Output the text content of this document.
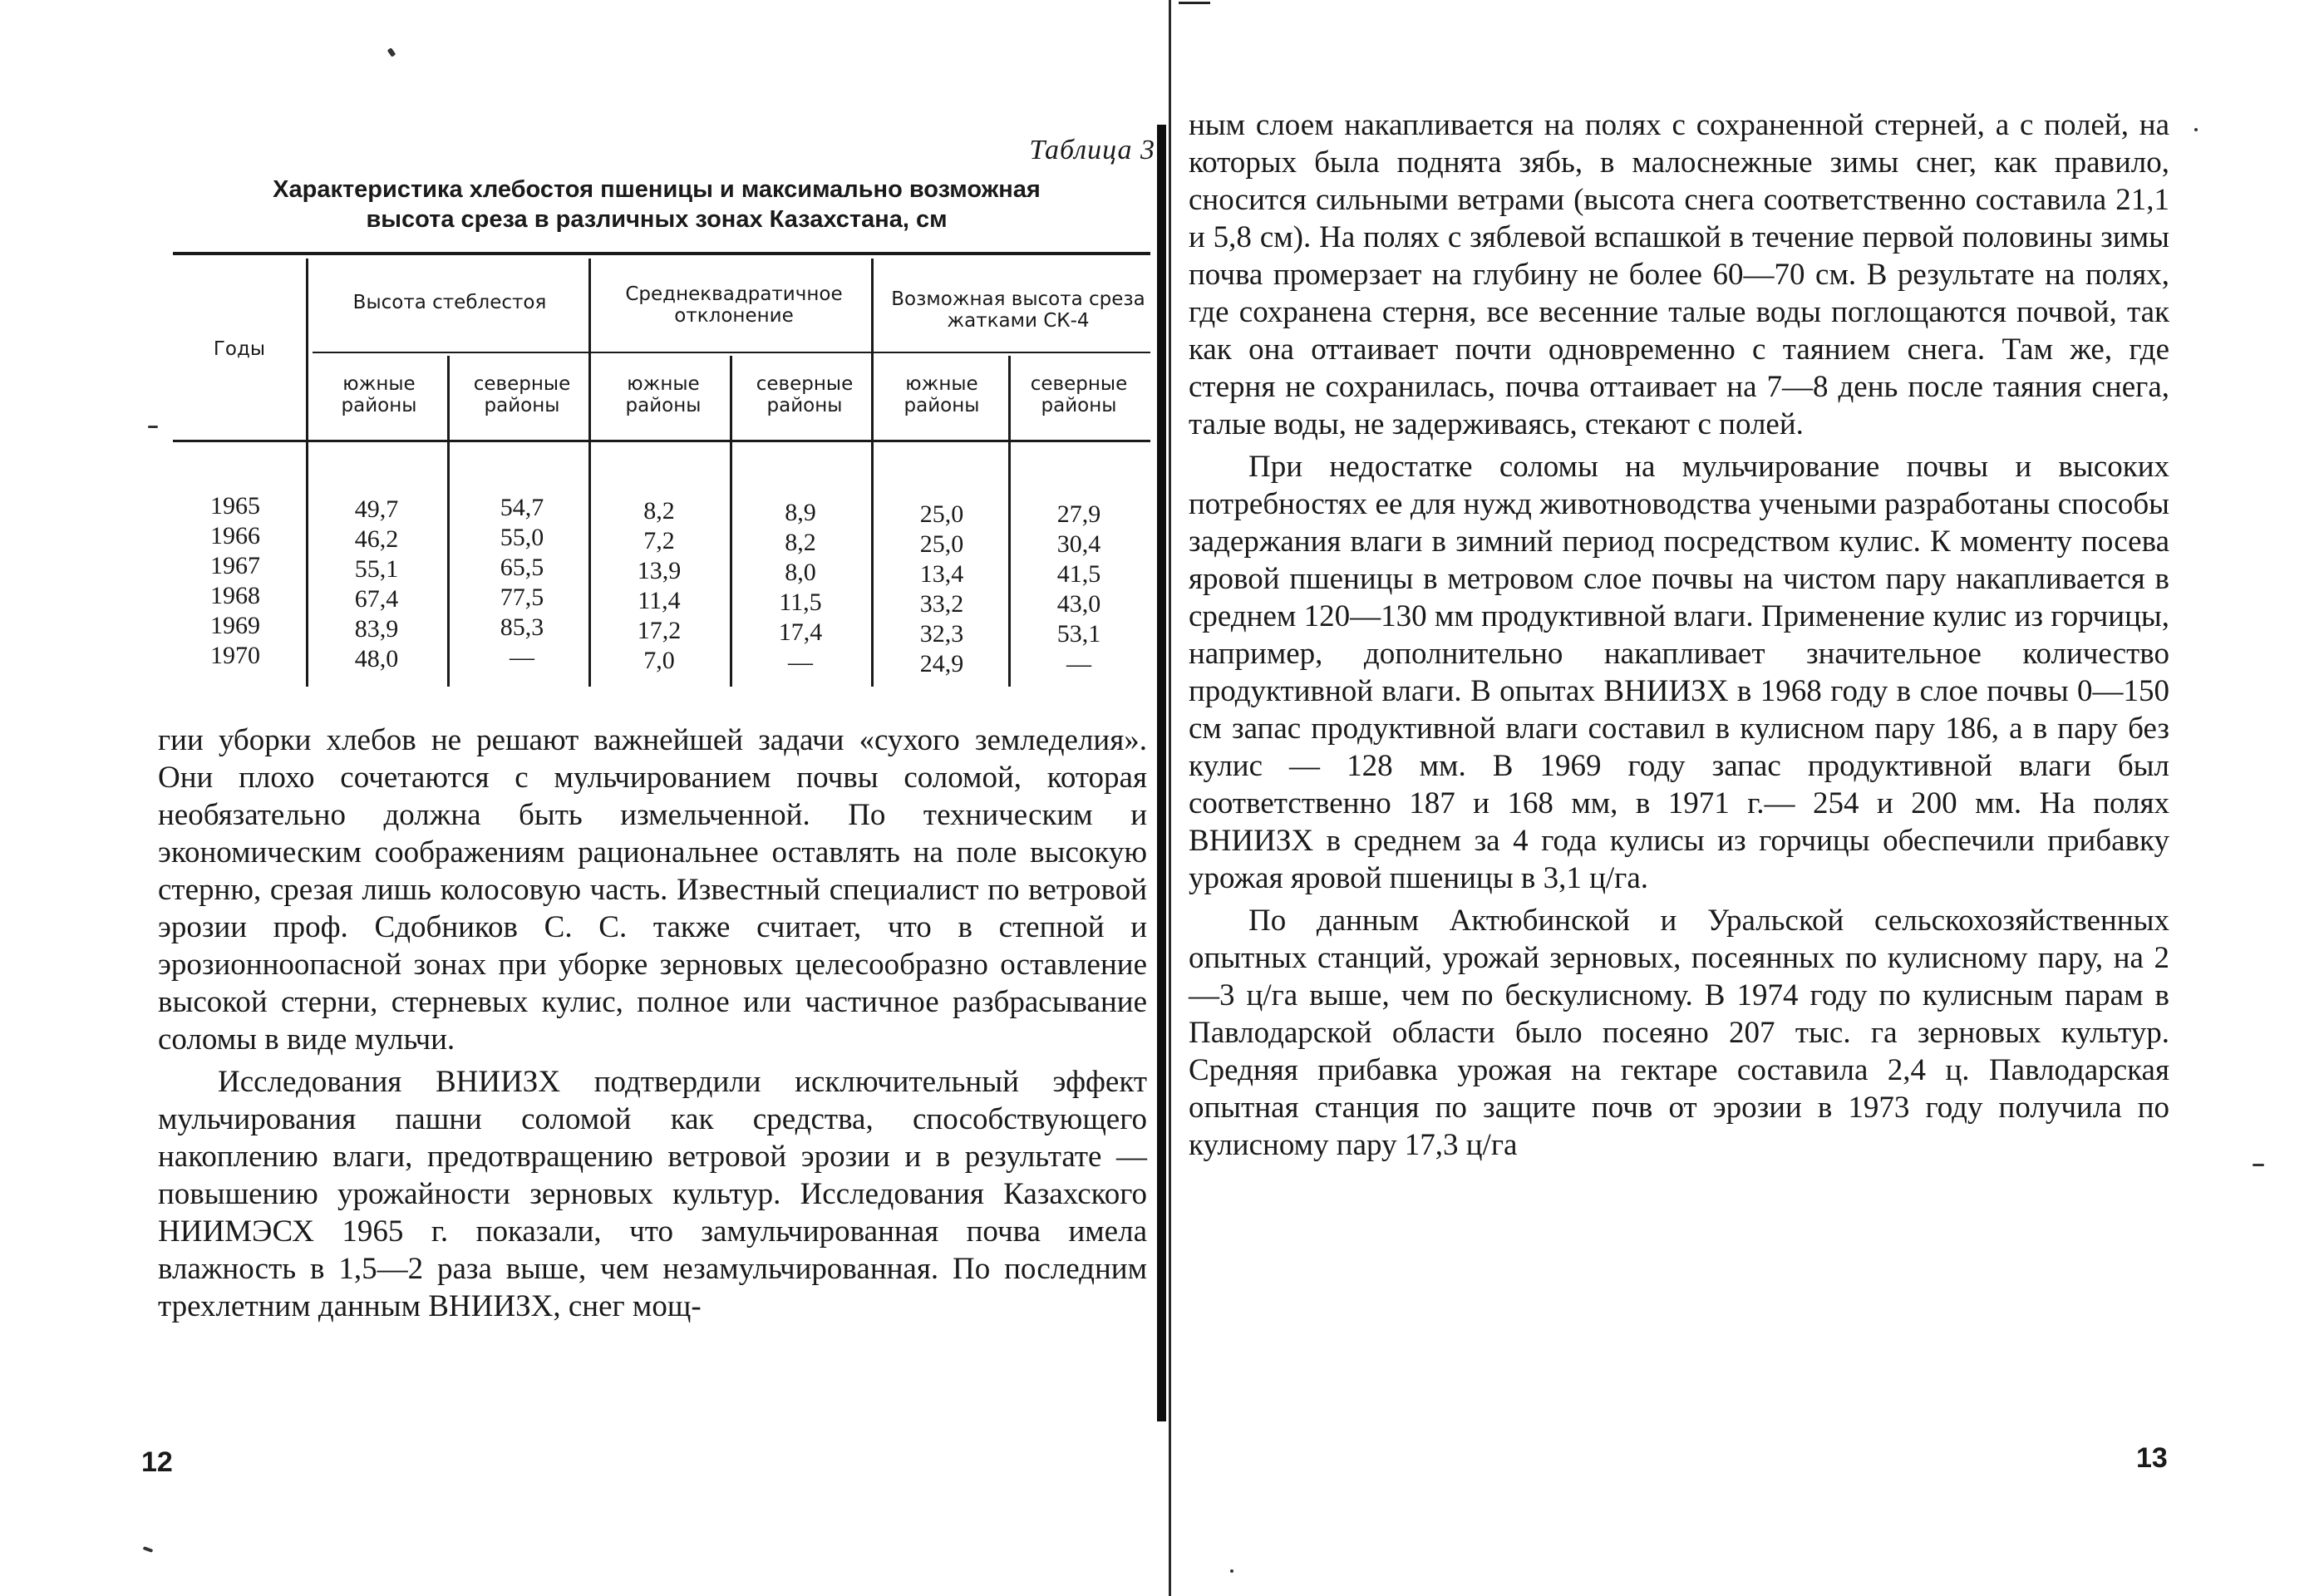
Таблица 3
Характеристика хлебостоя пшеницы и максимально возможная
высота среза в различных зонах Казахстана, см
Годы
Высота стеблестоя	Среднеквадратичное отклонение
Возможная высота среза жатками СК-4
южные районы
северные районы
южные районы
северные районы
южные районы
северные районы
1965
1966
1967
1968
1969
1970
49,7
46,2
55,1
67,4
83,9
48,0
54,7
55,0
65,5
77,5
85,3
—
8,2
7,2
13,9
11,4
17,2
7,0
8,9
8,2
8,0
11,5
17,4
—
25,0
25,0
13,4
33,2
32,3
24,9
27,9
30,4
41,5
43,0
53,1
—

гии уборки хлебов не решают важнейшей задачи «сухого земледелия». Они плохо сочетаются с мульчированием почвы соломой, которая необязательно должна быть измельченной. По техническим и экономическим соображениям рациональнее оставлять на поле высокую стерню, срезая лишь колосовую часть. Известный специалист по ветровой эрозии проф. Сдобников С. С. также считает, что в степной и эрозионноопасной зонах при уборке зерновых целесообразно оставление высокой стерни, стерневых кулис, полное или частичное разбрасывание соломы в виде мульчи.

Исследования ВНИИЗХ подтвердили исключительный эффект мульчирования пашни соломой как средства, способствующего накоплению влаги, предотвращению ветровой эрозии и в результате — повышению урожайности зерновых культур. Исследования Казахского НИИМЭСХ 1965 г. показали, что замульчированная почва имела влажность в 1,5—2 раза выше, чем незамульчированная. По последним трехлетним данным ВНИИЗХ, снег мощ-

12

ным слоем накапливается на полях с сохраненной стерней, а с полей, на которых была поднята зябь, в малоснежные зимы снег, как правило, сносится сильными ветрами (высота снега соответственно составила 21,1 и 5,8 см). На полях с зяблевой вспашкой в течение первой половины зимы почва промерзает на глубину не более 60—70 см. В результате на полях, где сохранена стерня, все весенние талые воды поглощаются почвой, так как она оттаивает почти одновременно с таянием снега. Там же, где стерня не сохранилась, почва оттаивает на 7—8 день после таяния снега, талые воды, не задерживаясь, стекают с полей.

При недостатке соломы на мульчирование почвы и высоких потребностях ее для нужд животноводства учеными разработаны способы задержания влаги в зимний период посредством кулис. К моменту посева яровой пшеницы в метровом слое почвы на чистом пару накапливается в среднем 120—130 мм продуктивной влаги. Применение кулис из горчицы, например, дополнительно накапливает значительное количество продуктивной влаги. В опытах ВНИИЗХ в 1968 году в слое почвы 0—150 см запас продуктивной влаги составил в кулисном пару 186, а в пару без кулис — 128 мм. В 1969 году запас продуктивной влаги был соответственно 187 и 168 мм, в 1971 г.— 254 и 200 мм. На полях ВНИИЗХ в среднем за 4 года кулисы из горчицы обеспечили прибавку урожая яровой пшеницы в 3,1 ц/га.

По данным Актюбинской и Уральской сельскохозяйственных опытных станций, урожай зерновых, посеянных по кулисному пару, на 2—3 ц/га выше, чем по бескулисному. В 1974 году по кулисным парам в Павлодарской области было посеяно 207 тыс. га зерновых культур. Средняя прибавка урожая на гектаре составила 2,4 ц. Павлодарская опытная станция по защите почв от эрозии в 1973 году получила по кулисному пару 17,3 ц/га

13
